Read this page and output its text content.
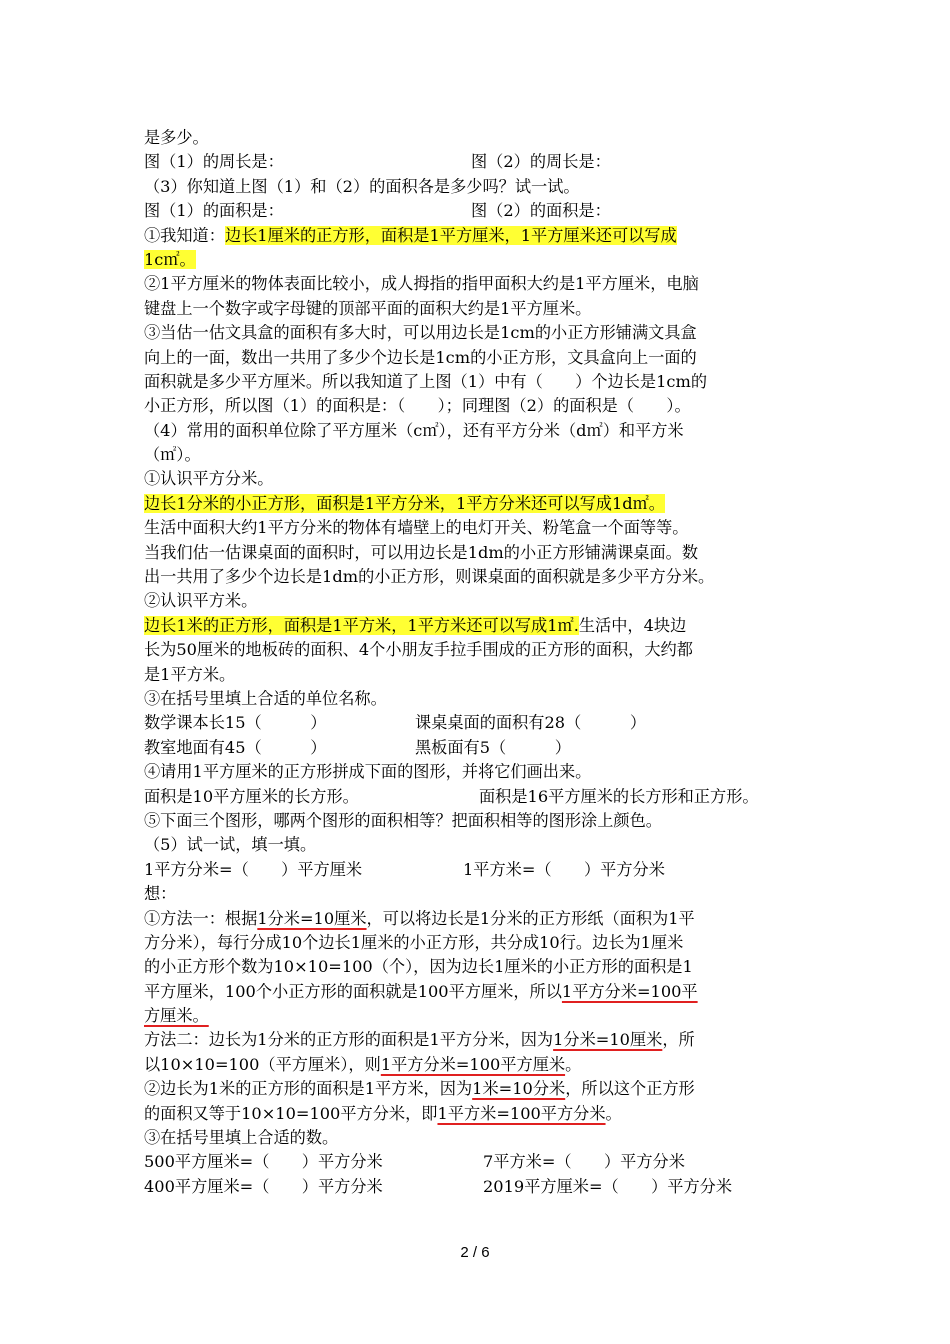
是多少。
图（1）的周长是：	图（2）的周长是：
（3）你知道上图（1）和（2）的面积各是多少吗？试一试。
图（1）的面积是：	图（2）的面积是：
①我知道：边长1厘米的正方形，面积是1平方厘米，1平方厘米还可以写成
1c㎡。
②1平方厘米的物体表面比较小，成人拇指的指甲面积大约是1平方厘米，电脑
键盘上一个数字或字母键的顶部平面的面积大约是1平方厘米。
③当估一估文具盒的面积有多大时，可以用边长是1cm的小正方形铺满文具盒
向上的一面，数出一共用了多少个边长是1cm的小正方形，文具盒向上一面的
面积就是多少平方厘米。所以我知道了上图（1）中有（　　）个边长是1cm的
小正方形，所以图（1）的面积是：（　　）；同理图（2）的面积是（　　）。
（4）常用的面积单位除了平方厘米（c㎡），还有平方分米（d㎡）和平方米
（㎡）。
①认识平方分米。
边长1分米的小正方形，面积是1平方分米，1平方分米还可以写成1d㎡。
生活中面积大约1平方分米的物体有墙壁上的电灯开关、粉笔盒一个面等等。
当我们估一估课桌面的面积时，可以用边长是1dm的小正方形铺满课桌面。数
出一共用了多少个边长是1dm的小正方形，则课桌面的面积就是多少平方分米。
②认识平方米。
边长1米的正方形，面积是1平方米，1平方米还可以写成1㎡.生活中，4块边
长为50厘米的地板砖的面积、4个小朋友手拉手围成的正方形的面积，大约都
是1平方米。
③在括号里填上合适的单位名称。
数学课本长15（　　　）	课桌桌面的面积有28（　　　）
教室地面有45（　　　）	黑板面有5（　　　）
④请用1平方厘米的正方形拼成下面的图形，并将它们画出来。
面积是10平方厘米的长方形。	面积是16平方厘米的长方形和正方形。
⑤下面三个图形，哪两个图形的面积相等？把面积相等的图形涂上颜色。
（5）试一试，填一填。
1平方分米=（　　）平方厘米	1平方米=（　　）平方分米
想：
①方法一：根据1分米=10厘米，可以将边长是1分米的正方形纸（面积为1平
方分米），每行分成10个边长1厘米的小正方形，共分成10行。边长为1厘米
的小正方形个数为10×10=100（个），因为边长1厘米的小正方形的面积是1
平方厘米，100个小正方形的面积就是100平方厘米，所以1平方分米=100平
方厘米。
方法二：边长为1分米的正方形的面积是1平方分米，因为1分米=10厘米，所
以10×10=100（平方厘米），则1平方分米=100平方厘米。
②边长为1米的正方形的面积是1平方米，因为1米=10分米，所以这个正方形
的面积又等于10×10=100平方分米，即1平方米=100平方分米。
③在括号里填上合适的数。
500平方厘米=（　　）平方分米	7平方米=（　　）平方分米
400平方厘米=（　　）平方分米	2019平方厘米=（　　）平方分米
2 / 6
